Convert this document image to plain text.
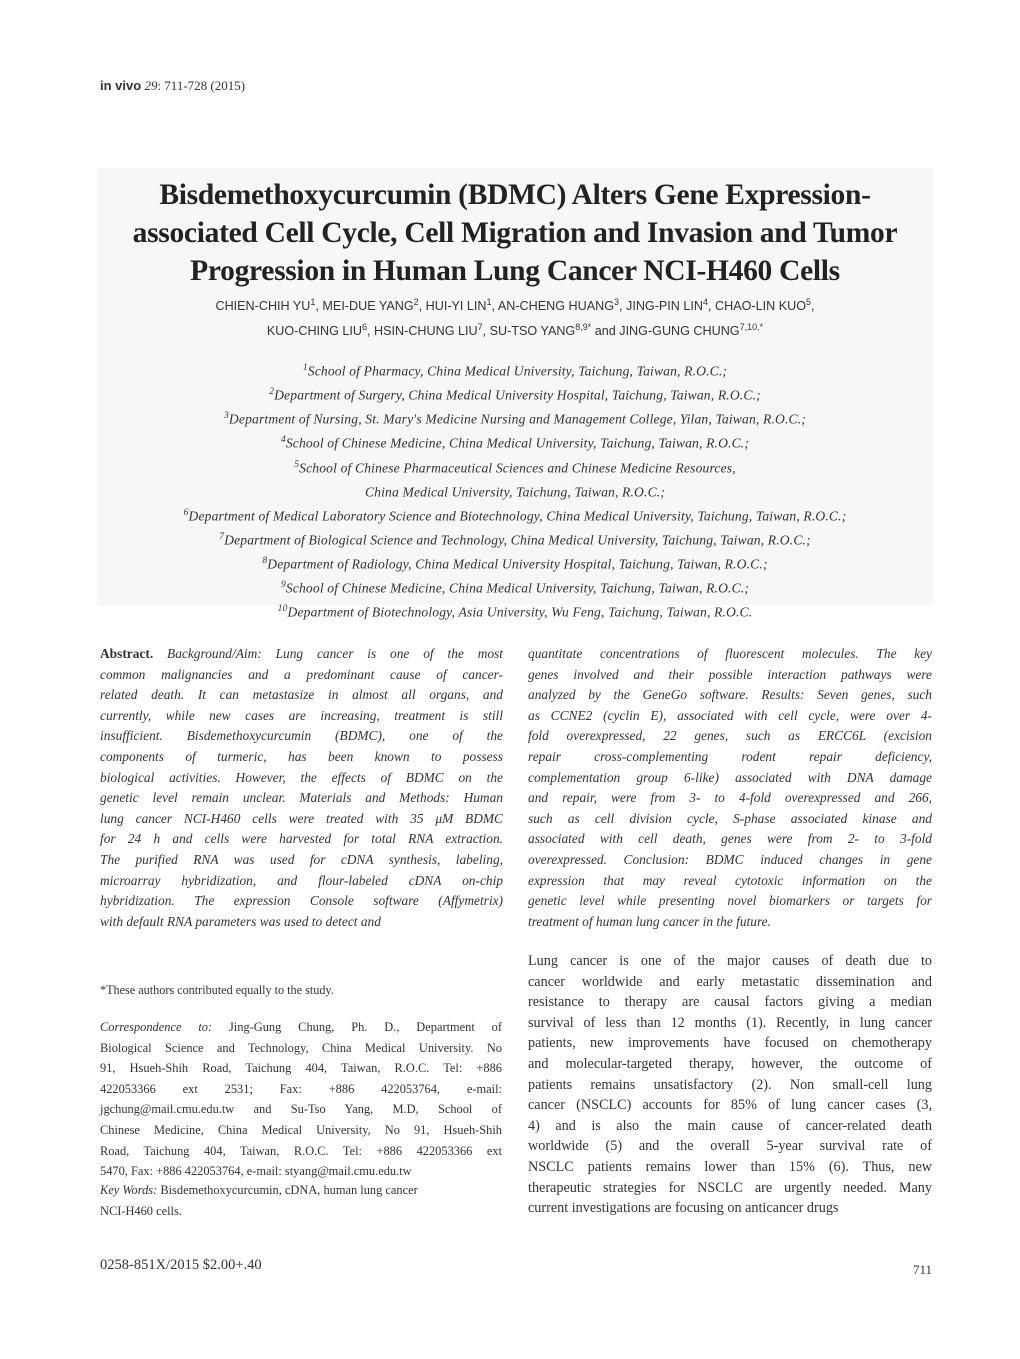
in vivo 29: 711-728 (2015)
Bisdemethoxycurcumin (BDMC) Alters Gene Expression-
associated Cell Cycle, Cell Migration and Invasion and Tumor
Progression in Human Lung Cancer NCI-H460 Cells
CHIEN-CHIH $YU^1$, MEI-DUE YANG$^2$, HUI-YI LIN$^1$, AN-CHENG HUANG$^3$, JING-PIN LIN$^4$, CHAO-LIN KUO$^5$,
KUO-CHING LIU$^6$, HSIN-CHUNG LIU$^7$, SU-TSO $YANG^{8,9*}$ and JING-GUNG $CHUNG^{7,10,*}$
$^1$School of Pharmacy, China Medical University, Taichung, Taiwan, R.O.C.;
$^2$Department of Surgery, China Medical University Hospital, Taichung, Taiwan, R.O.C.;
$^3$Department of Nursing, St. Mary's Medicine Nursing and Management College, Yilan, Taiwan, R.O.C.;
$^4$School of Chinese Medicine, China Medical University, Taichung, Taiwan, R.O.C.;
$^5$School of Chinese Pharmaceutical Sciences and Chinese Medicine Resources,
China Medical University, Taichung, Taiwan, R.O.C.;
$^6$Department of Medical Laboratory Science and Biotechnology, China Medical University, Taichung, Taiwan, R.O.C.;
$^7$Department of Biological Science and Technology, China Medical University, Taichung, Taiwan, R.O.C.;
$^8$Department of Radiology, China Medical University Hospital, Taichung, Taiwan, R.O.C.;
$^9$School of Chinese Medicine, China Medical University, Taichung, Taiwan, R.O.C.;
$^{10}$Department of Biotechnology, Asia University, Wu Feng, Taichung, Taiwan, R.O.C.
Abstract. Background/Aim: Lung cancer is one of the most
common malignancies and a predominant cause of cancer-
related death. It can metastasize in almost all organs, and
currently, while new cases are increasing, treatment is still
insufficient. Bisdemethoxycurcumin (BDMC), one of the
components of turmeric, has been known to possess
biological activities. However, the effects of BDMC on the
genetic level remain unclear. Materials and Methods: Human
lung cancer NCI-H460 cells were treated with 35 μM BDMC
for 24 h and cells were harvested for total RNA extraction.
The purified RNA was used for cDNA synthesis, labeling,
microarray hybridization, and flour-labeled cDNA on-chip
hybridization. The expression Console software (Affymetrix)
with default RNA parameters was used to detect and
quantitate concentrations of fluorescent molecules. The key
genes involved and their possible interaction pathways were
analyzed by the GeneGo software. Results: Seven genes, such
as CCNE2 (cyclin E), associated with cell cycle, were over 4-
fold overexpressed, 22 genes, such as ERCC6L (excision
repair cross-complementing rodent repair deficiency,
complementation group 6-like) associated with DNA damage
and repair, were from 3- to 4-fold overexpressed and 266,
such as cell division cycle, S-phase associated kinase and
associated with cell death, genes were from 2- to 3-fold
overexpressed. Conclusion: BDMC induced changes in gene
expression that may reveal cytotoxic information on the
genetic level while presenting novel biomarkers or targets for
treatment of human lung cancer in the future.
*These authors contributed equally to the study.
Correspondence to: Jing-Gung Chung, Ph. D., Department of
Biological Science and Technology, China Medical University. No
91, Hsueh-Shih Road, Taichung 404, Taiwan, R.O.C. Tel: +886
422053366 ext 2531; Fax: +886 422053764, e-mail:
jgchung@mail.cmu.edu.tw and Su-Tso Yang, M.D, School of
Chinese Medicine, China Medical University, No 91, Hsueh-Shih
Road, Taichung 404, Taiwan, R.O.C. Tel: +886 422053366 ext
5470, Fax: +886 422053764, e-mail: styang@mail.cmu.edu.tw
Key Words: Bisdemethoxycurcumin, cDNA, human lung cancer
NCI-H460 cells.
Lung cancer is one of the major causes of death due to
cancer worldwide and early metastatic dissemination and
resistance to therapy are causal factors giving a median
survival of less than 12 months (1). Recently, in lung cancer
patients, new improvements have focused on chemotherapy
and molecular-targeted therapy, however, the outcome of
patients remains unsatisfactory (2). Non small-cell lung
cancer (NSCLC) accounts for 85% of lung cancer cases (3,
4) and is also the main cause of cancer-related death
worldwide (5) and the overall 5-year survival rate of
NSCLC patients remains lower than 15% (6). Thus, new
therapeutic strategies for NSCLC are urgently needed. Many
current investigations are focusing on anticancer drugs
0258-851X/2015 $2.00+.40	711
